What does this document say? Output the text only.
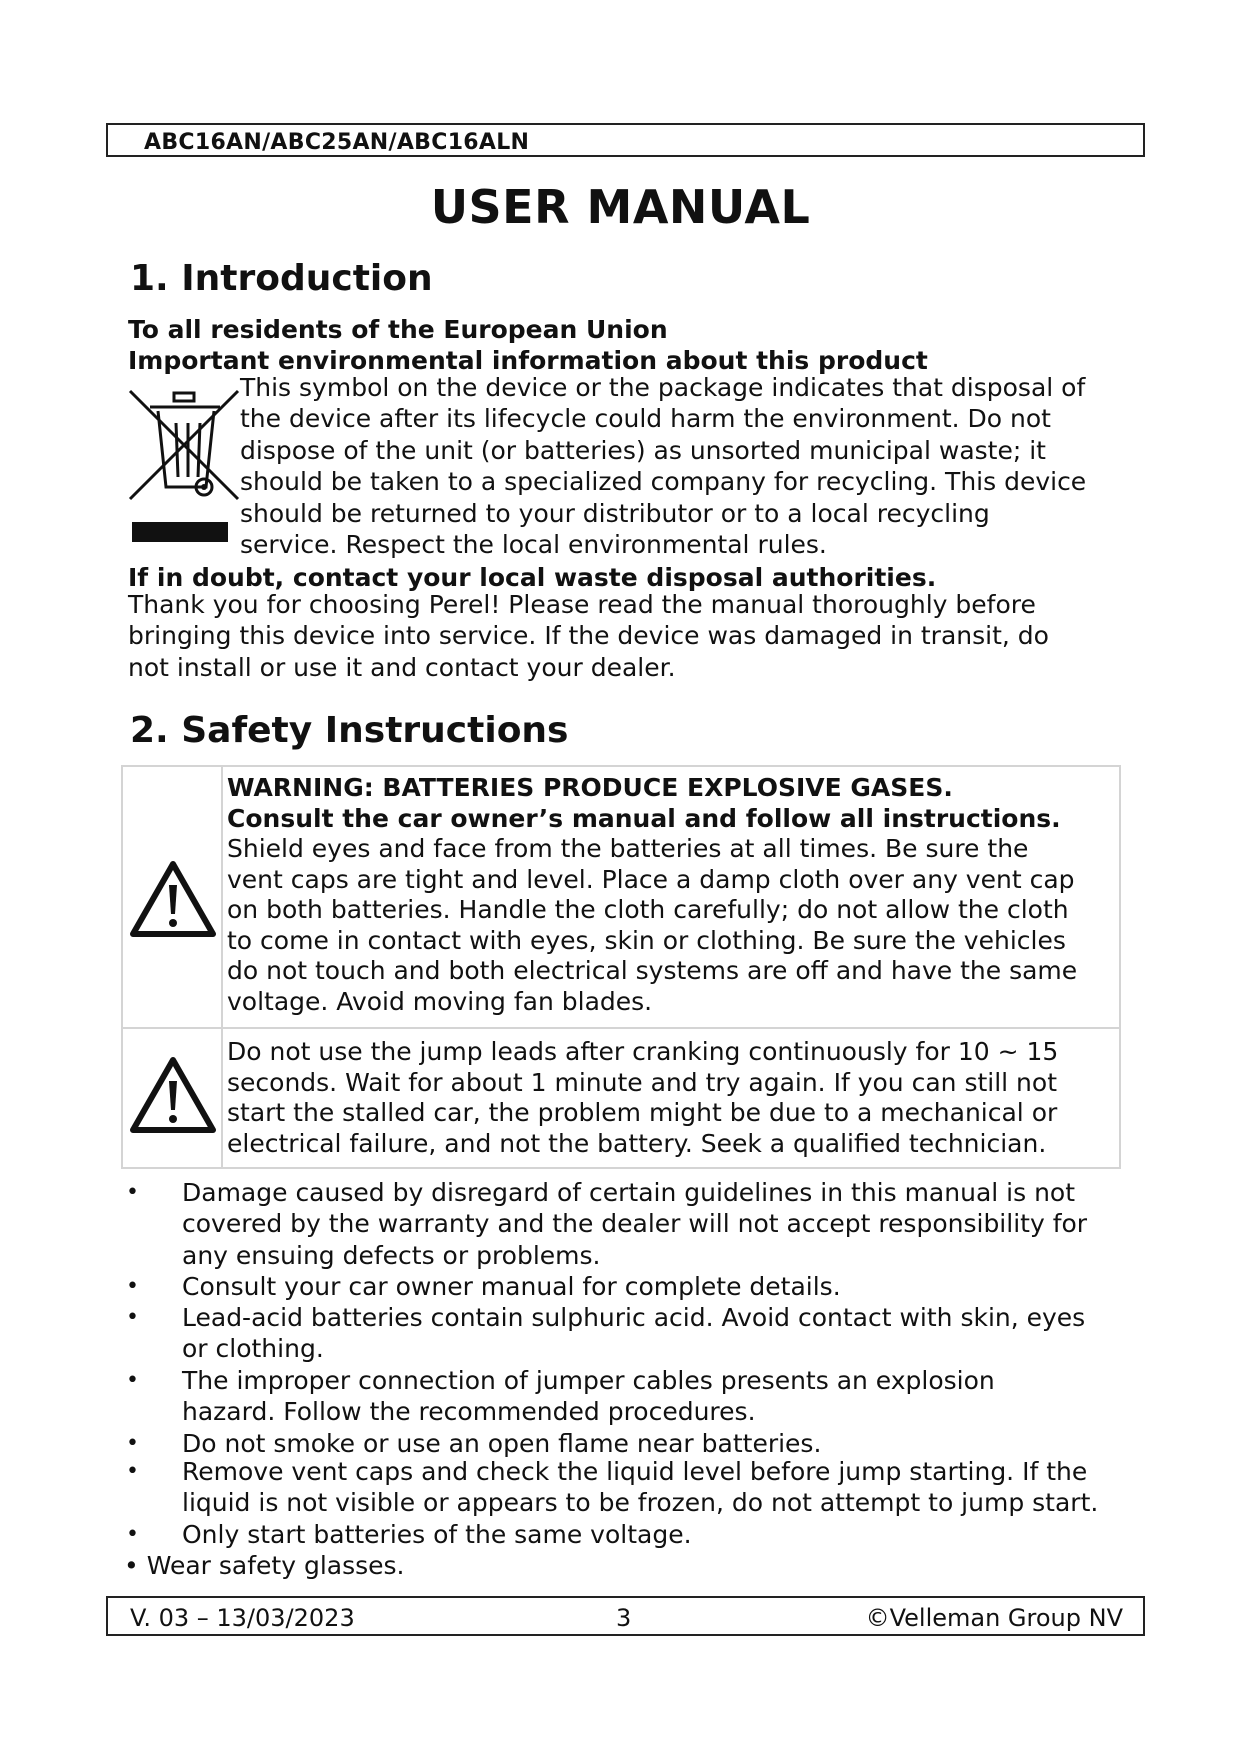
ABC16AN/ABC25AN/ABC16ALN
USER MANUAL
1. Introduction
To all residents of the European Union
Important environmental information about this product
This symbol on the device or the package indicates that disposal of
the device after its lifecycle could harm the environment. Do not
dispose of the unit (or batteries) as unsorted municipal waste; it
should be taken to a specialized company for recycling. This device
should be returned to your distributor or to a local recycling
service. Respect the local environmental rules.
If in doubt, contact your local waste disposal authorities.
Thank you for choosing Perel! Please read the manual thoroughly before
bringing this device into service. If the device was damaged in transit, do
not install or use it and contact your dealer.
2. Safety Instructions
WARNING: BATTERIES PRODUCE EXPLOSIVE GASES.
Consult the car owner’s manual and follow all instructions.
Shield eyes and face from the batteries at all times. Be sure the
vent caps are tight and level. Place a damp cloth over any vent cap
on both batteries. Handle the cloth carefully; do not allow the cloth
to come in contact with eyes, skin or clothing. Be sure the vehicles
do not touch and both electrical systems are off and have the same
voltage. Avoid moving fan blades.
Do not use the jump leads after cranking continuously for 10 ~ 15
seconds. Wait for about 1 minute and try again. If you can still not
start the stalled car, the problem might be due to a mechanical or
electrical failure, and not the battery. Seek a qualified technician.
• Damage caused by disregard of certain guidelines in this manual is not
covered by the warranty and the dealer will not accept responsibility for
any ensuing defects or problems.
• Consult your car owner manual for complete details.
• Lead-acid batteries contain sulphuric acid. Avoid contact with skin, eyes
or clothing.
• The improper connection of jumper cables presents an explosion
hazard. Follow the recommended procedures.
• Do not smoke or use an open flame near batteries.
• Remove vent caps and check the liquid level before jump starting. If the
liquid is not visible or appears to be frozen, do not attempt to jump start.
• Only start batteries of the same voltage.
• Wear safety glasses.
V. 03 – 13/03/2023	3	©Velleman Group NV
